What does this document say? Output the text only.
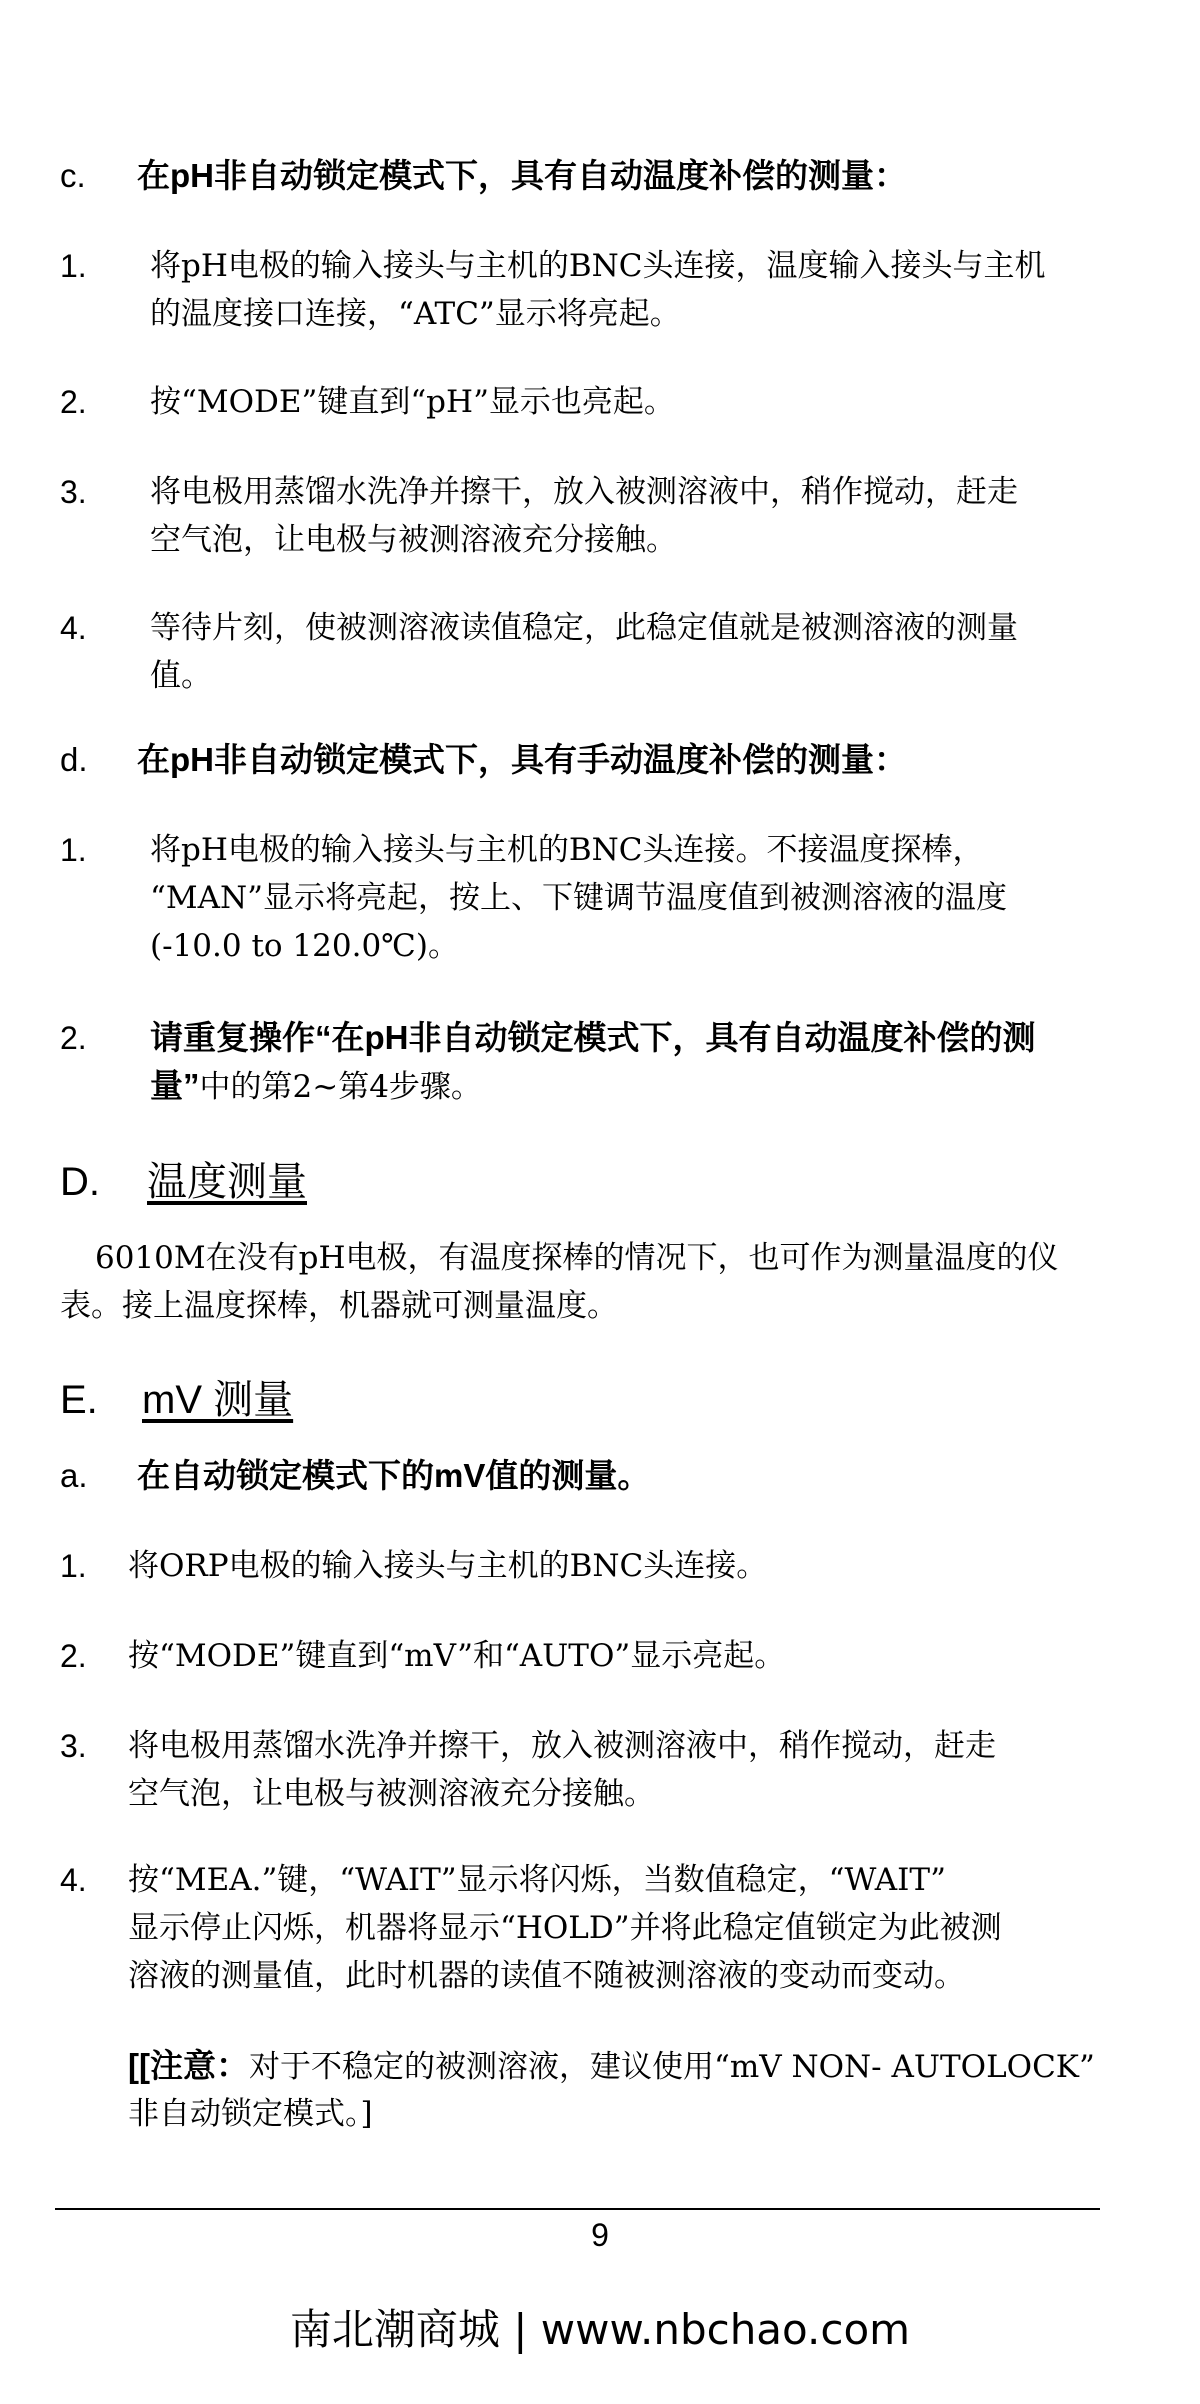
c. 在pH非自动锁定模式下，具有自动温度补偿的测量：
1. 将pH电极的输入接头与主机的BNC头连接，温度输入接头与主机
的温度接口连接，“ATC”显示将亮起。
2. 按“MODE”键直到“pH”显示也亮起。
3. 将电极用蒸馏水洗净并擦干，放入被测溶液中，稍作搅动，赶走
空气泡，让电极与被测溶液充分接触。
4. 等待片刻，使被测溶液读值稳定，此稳定值就是被测溶液的测量
值。
d. 在pH非自动锁定模式下，具有手动温度补偿的测量：
1. 将pH电极的输入接头与主机的BNC头连接。不接温度探棒，
“MAN”显示将亮起，按上、下键调节温度值到被测溶液的温度
(-10.0 to 120.0℃)。
2. 请重复操作“在pH非自动锁定模式下，具有自动温度补偿的测
量”中的第2~第4步骤。
D. 温度测量
6010M在没有pH电极，有温度探棒的情况下，也可作为测量温度的仪
表。接上温度探棒，机器就可测量温度。
E. mV 测量
a. 在自动锁定模式下的mV值的测量。
1. 将ORP电极的输入接头与主机的BNC头连接。
2. 按“MODE”键直到“mV”和“AUTO”显示亮起。
3. 将电极用蒸馏水洗净并擦干，放入被测溶液中，稍作搅动，赶走
空气泡，让电极与被测溶液充分接触。
4. 按“MEA.”键，“WAIT”显示将闪烁，当数值稳定，“WAIT”
显示停止闪烁，机器将显示“HOLD”并将此稳定值锁定为此被测
溶液的测量值，此时机器的读值不随被测溶液的变动而变动。
[[注意：对于不稳定的被测溶液，建议使用“mV NON- AUTOLOCK”
非自动锁定模式。]
9
南北潮商城 | www.nbchao.com
